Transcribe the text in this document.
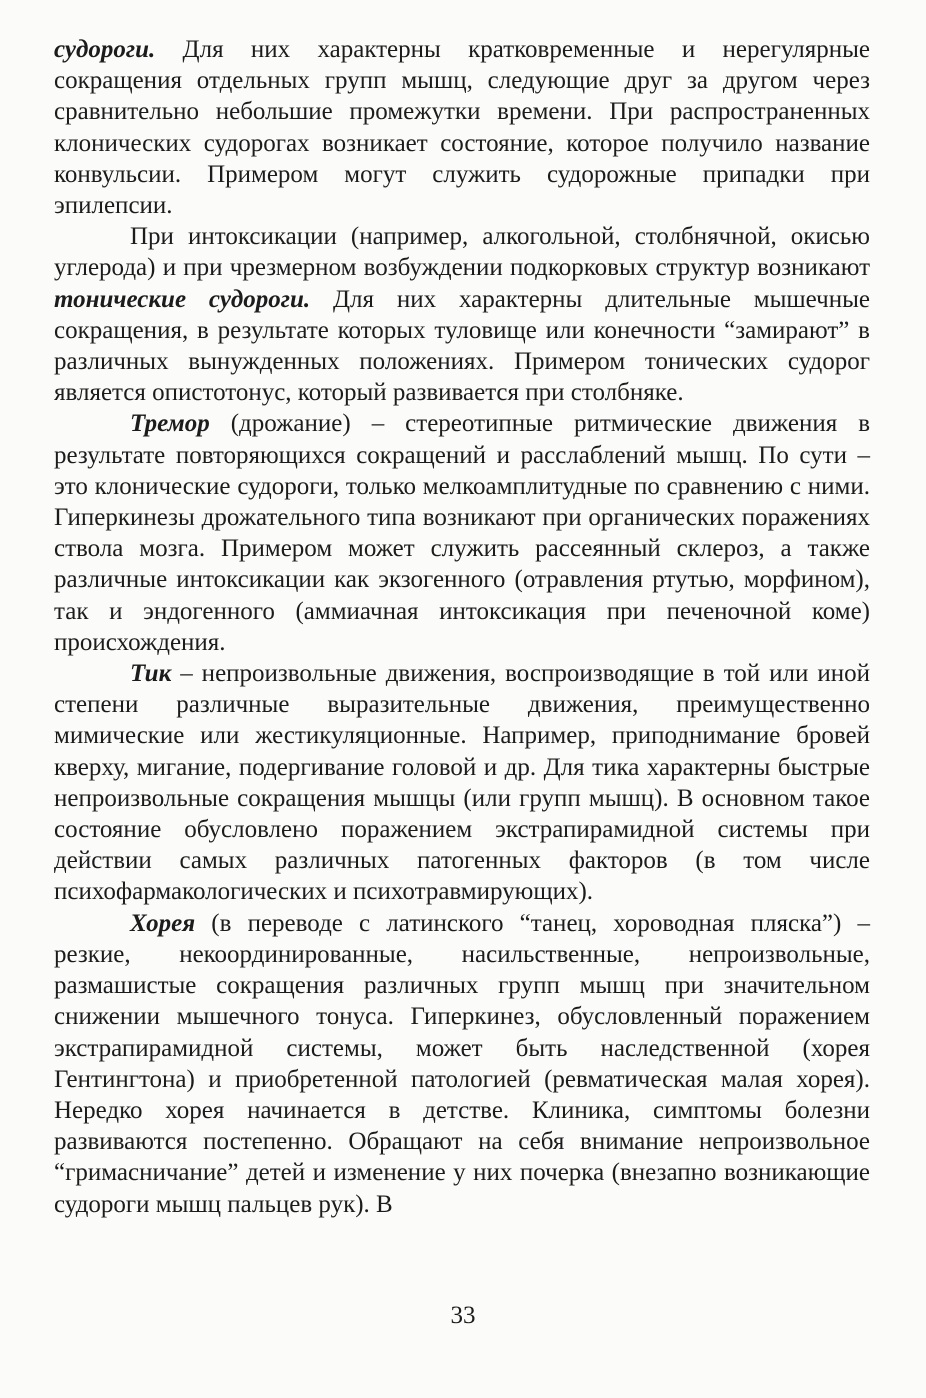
судороги. Для них характерны кратковременные и нерегулярные сокращения отдельных групп мышц, следующие друг за другом через сравнительно небольшие промежутки времени. При распространенных клонических судорогах возникает состояние, которое получило название конвульсии. Примером могут служить судорожные припадки при эпилепсии.

При интоксикации (например, алкогольной, столбнячной, окисью углерода) и при чрезмерном возбуждении подкорковых структур возникают тонические судороги. Для них характерны длительные мышечные сокращения, в результате которых туловище или конечности “замирают” в различных вынужденных положениях. Примером тонических судорог является опистотонус, который развивается при столбняке.

Тремор (дрожание) – стереотипные ритмические движения в результате повторяющихся сокращений и расслаблений мышц. По сути – это клонические судороги, только мелкоамплитудные по сравнению с ними. Гиперкинезы дрожательного типа возникают при органических поражениях ствола мозга. Примером может служить рассеянный склероз, а также различные интоксикации как экзогенного (отравления ртутью, морфином), так и эндогенного (аммиачная интоксикация при печеночной коме) происхождения.

Тик – непроизвольные движения, воспроизводящие в той или иной степени различные выразительные движения, преимущественно мимические или жестикуляционные. Например, приподнимание бровей кверху, мигание, подергивание головой и др. Для тика характерны быстрые непроизвольные сокращения мышцы (или групп мышц). В основном такое состояние обусловлено поражением экстрапирамидной системы при действии самых различных патогенных факторов (в том числе психофармакологических и психотравмирующих).

Хорея (в переводе с латинского “танец, хороводная пляска”) – резкие, некоординированные, насильственные, непроизвольные, размашистые сокращения различных групп мышц при значительном снижении мышечного тонуса. Гиперкинез, обусловленный поражением экстрапирамидной системы, может быть наследственной (хорея Гентингтона) и приобретенной патологией (ревматическая малая хорея). Нередко хорея начинается в детстве. Клиника, симптомы болезни развиваются постепенно. Обращают на себя внимание непроизвольное “гримасничание” детей и изменение у них почерка (внезапно возникающие судороги мышц пальцев рук). В

33
